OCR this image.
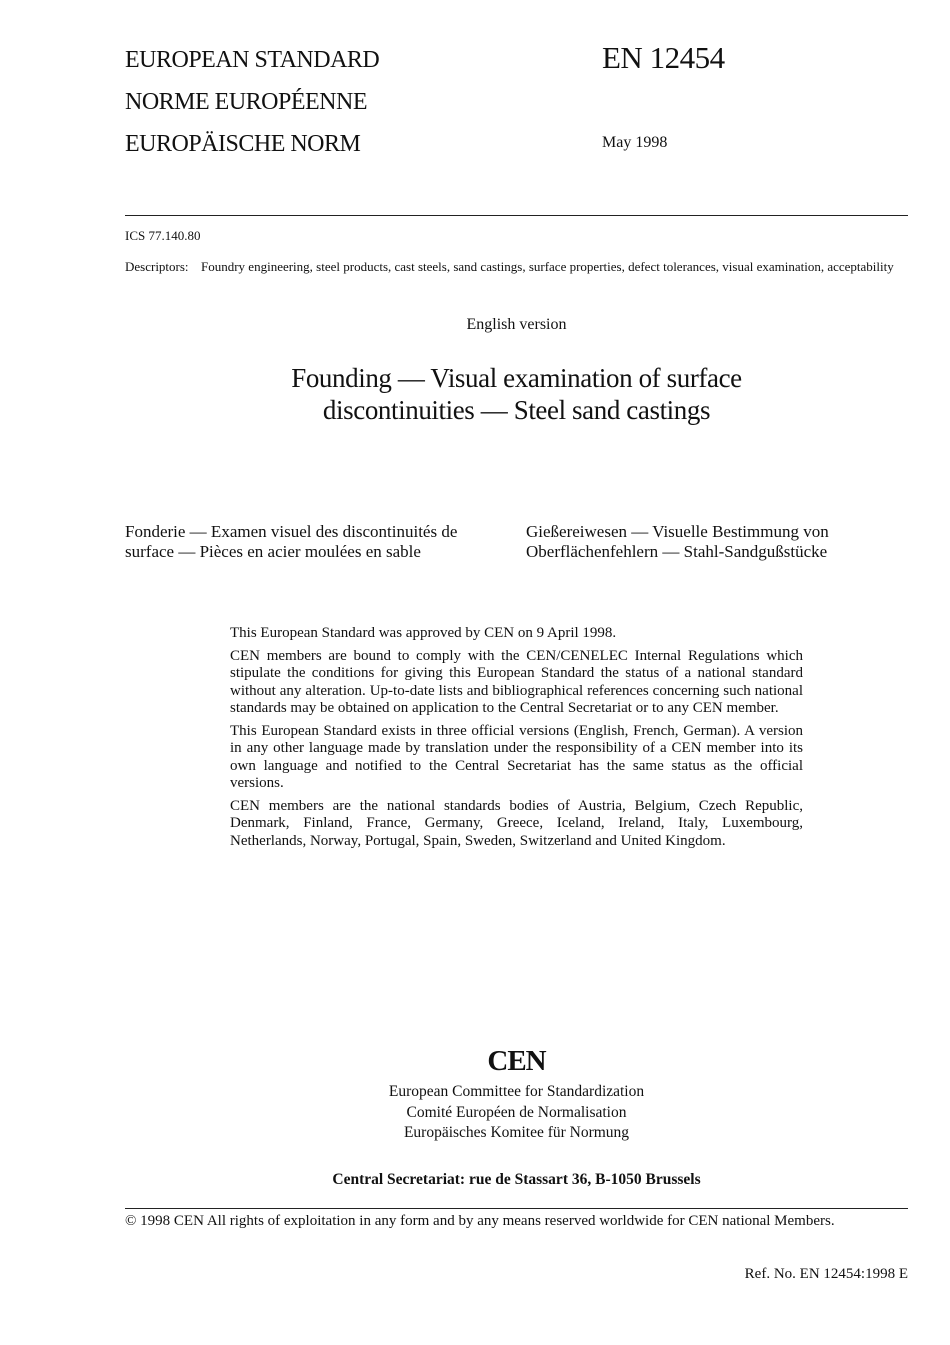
EUROPEAN STANDARD
NORME EUROPÉENNE
EUROPÄISCHE NORM
EN 12454
May 1998
ICS 77.140.80
Descriptors: Foundry engineering, steel products, cast steels, sand castings, surface properties, defect tolerances, visual examination, acceptability
English version
Founding — Visual examination of surface
discontinuities — Steel sand castings
Fonderie — Examen visuel des discontinuités de
surface — Pièces en acier moulées en sable
Gießereiwesen — Visuelle Bestimmung von
Oberflächenfehlern — Stahl-Sandgußstücke

This European Standard was approved by CEN on 9 April 1998.

CEN members are bound to comply with the CEN/CENELEC Internal Regulations which stipulate the conditions for giving this European Standard the status of a national standard without any alteration. Up-to-date lists and bibliographical references concerning such national standards may be obtained on application to the Central Secretariat or to any CEN member.

This European Standard exists in three official versions (English, French, German). A version in any other language made by translation under the responsibility of a CEN member into its own language and notified to the Central Secretariat has the same status as the official versions.

CEN members are the national standards bodies of Austria, Belgium, Czech Republic, Denmark, Finland, France, Germany, Greece, Iceland, Ireland, Italy, Luxembourg, Netherlands, Norway, Portugal, Spain, Sweden, Switzerland and United Kingdom.

CEN
European Committee for Standardization
Comité Européen de Normalisation
Europäisches Komitee für Normung
Central Secretariat: rue de Stassart 36, B-1050 Brussels
© 1998 CEN All rights of exploitation in any form and by any means reserved worldwide for CEN national Members.
Ref. No. EN 12454:1998 E
